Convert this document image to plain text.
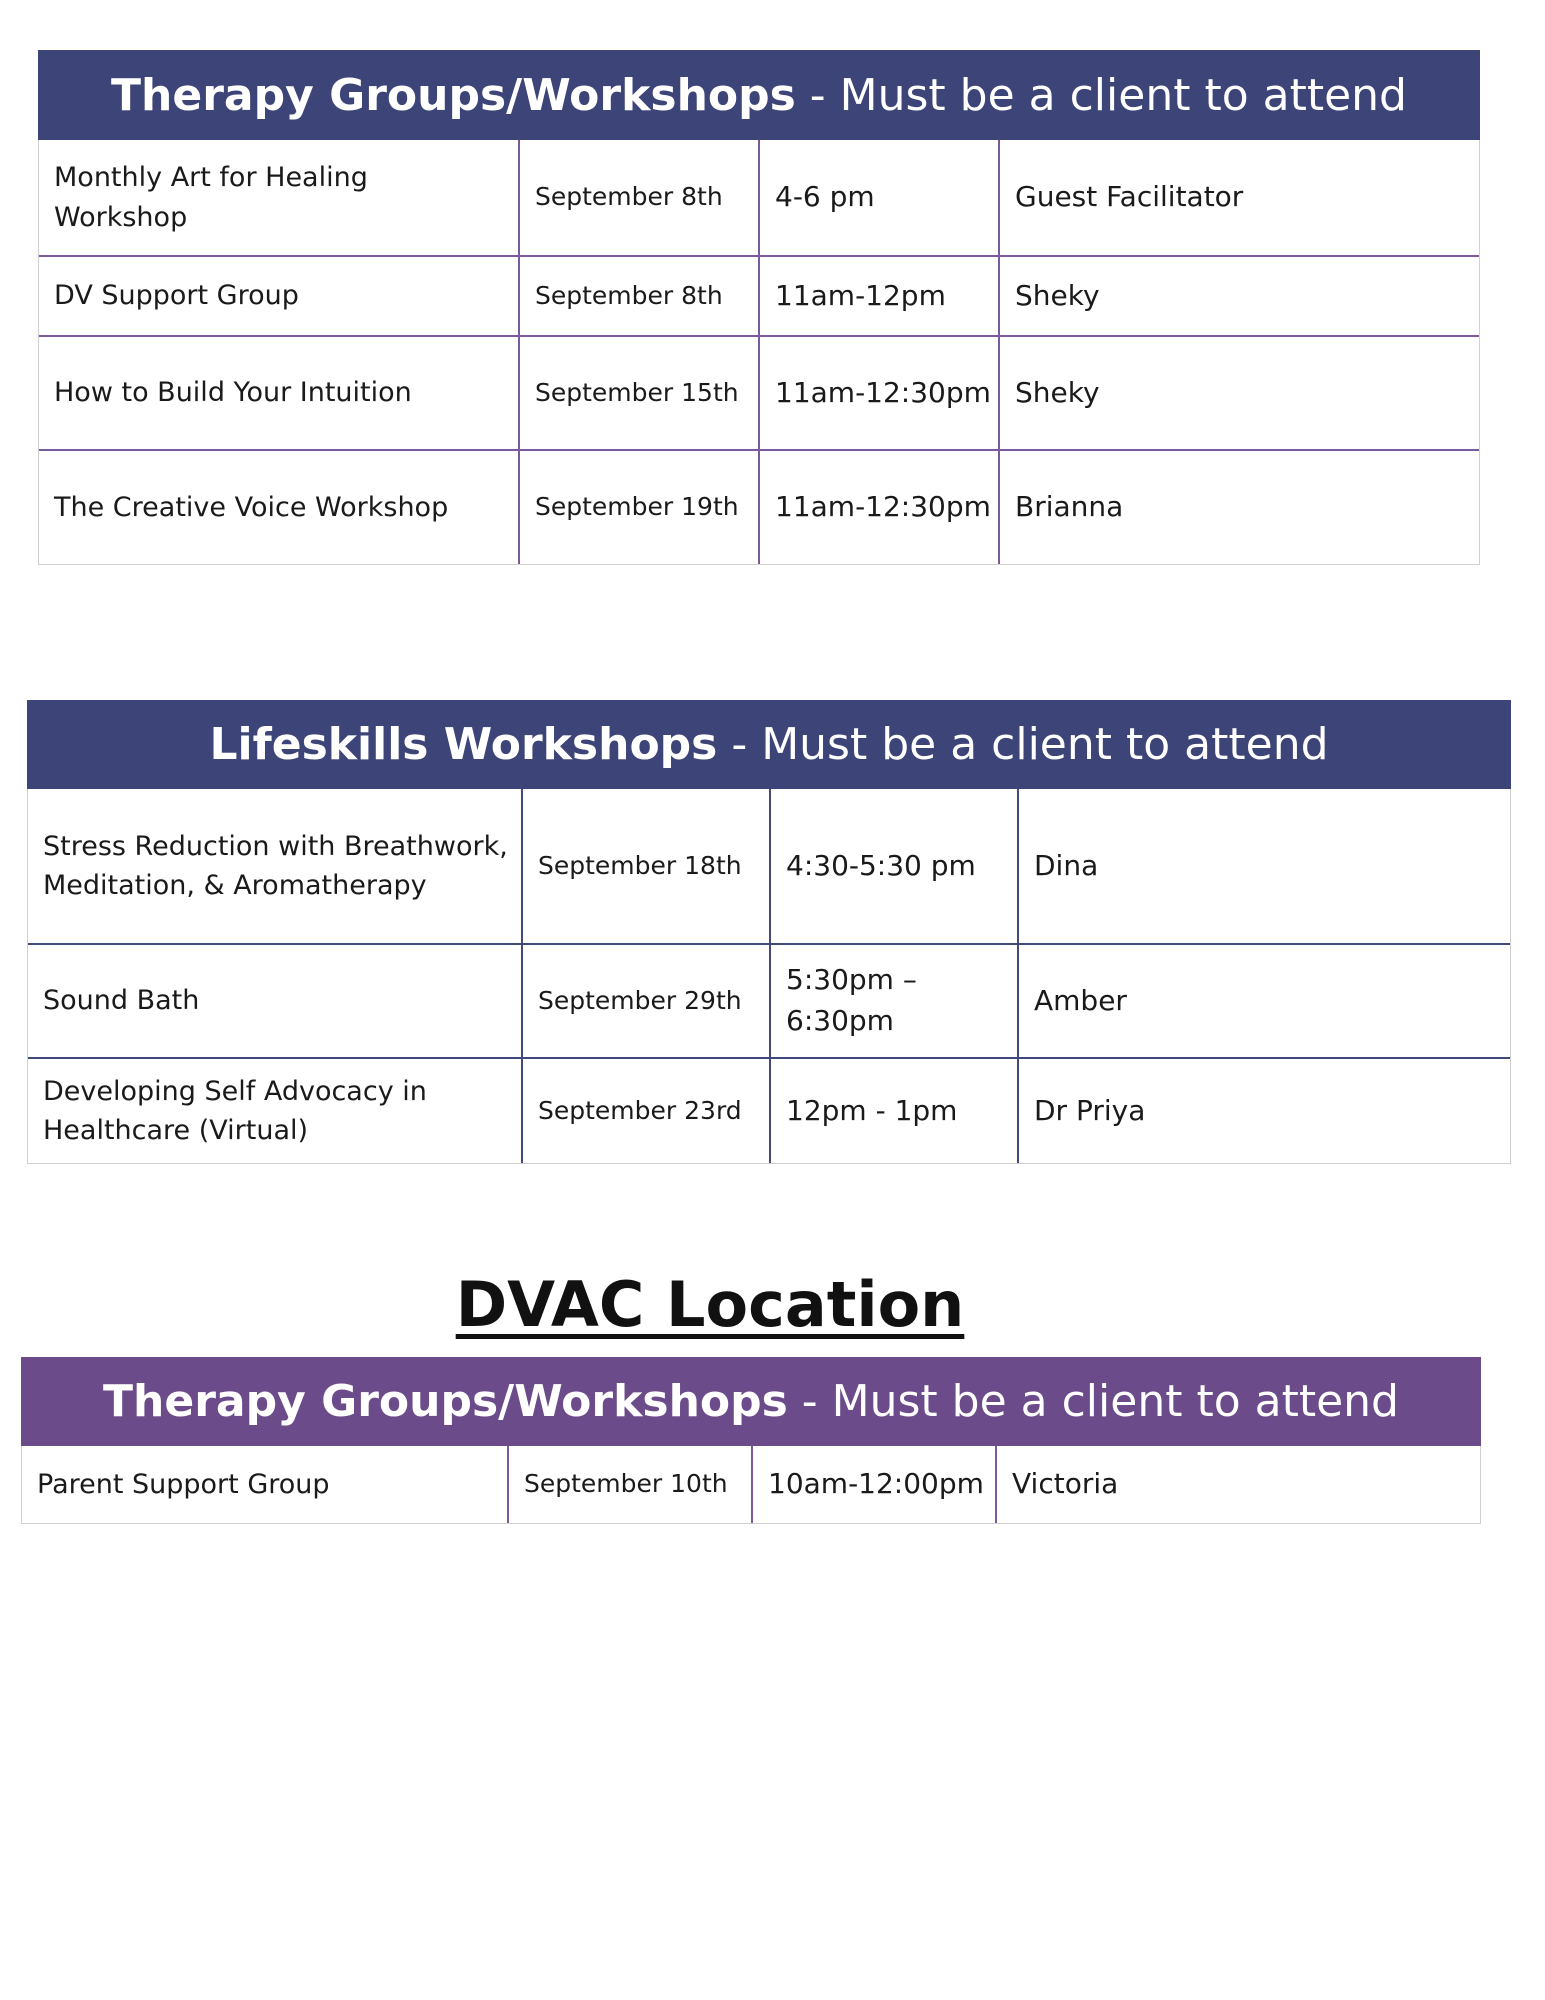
Therapy Groups/Workshops - Must be a client to attend
Monthly Art for Healing Workshop	September 8th	4-6 pm	Guest Facilitator
DV Support Group	September 8th	11am-12pm	Sheky
How to Build Your Intuition	September 15th	11am-12:30pm	Sheky
The Creative Voice Workshop	September 19th	11am-12:30pm	Brianna
Lifeskills Workshops - Must be a client to attend
Stress Reduction with Breathwork, Meditation, & Aromatherapy	September 18th	4:30-5:30 pm	Dina
Sound Bath	September 29th	5:30pm – 6:30pm	Amber
Developing Self Advocacy in Healthcare (Virtual)	September 23rd	12pm - 1pm	Dr Priya
DVAC Location
Therapy Groups/Workshops - Must be a client to attend
Parent Support Group	September 10th	10am-12:00pm	Victoria
